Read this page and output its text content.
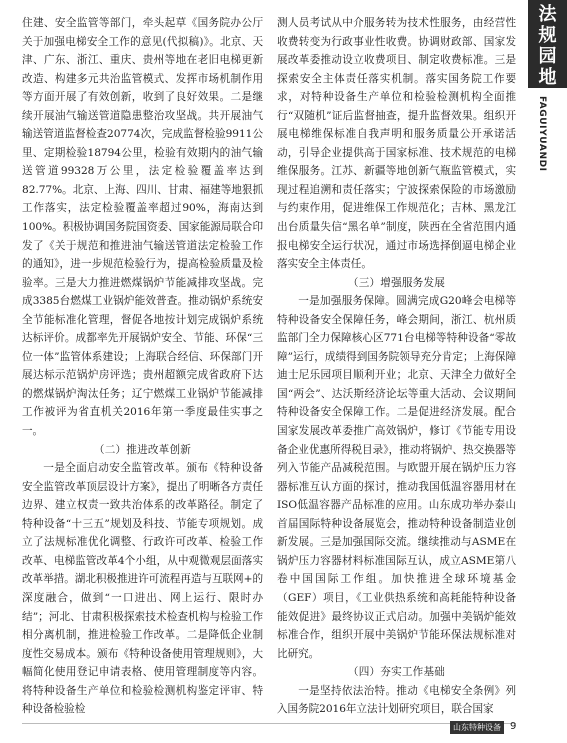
住建、安全监管等部门，牵头起草《国务院办公厅关于加强电梯安全工作的意见(代拟稿)》。北京、天津、广东、浙江、重庆、贵州等地在老旧电梯更新改造、构建多元共治监管模式、发挥市场机制作用等方面开展了有效创新，收到了良好效果。二是继续开展油气输送管道隐患整治攻坚战。共开展油气输送管道监督检查20774次，完成监督检验9911公里、定期检验18794公里，检验有效期内的油气输送管道99328万公里，法定检验覆盖率达到82.77%。北京、上海、四川、甘肃、福建等地狠抓工作落实，法定检验覆盖率超过90%，海南达到100%。积极协调国务院国资委、国家能源局联合印发了《关于规范和推进油气输送管道法定检验工作的通知》，进一步规范检验行为，提高检验质量及检验率。三是大力推进燃煤锅炉节能减排攻坚战。完成3385台燃煤工业锅炉能效普查。推动锅炉系统安全节能标准化管理，督促各地按计划完成锅炉系统达标评价。成都率先开展锅炉安全、节能、环保“三位一体”监管体系建设；上海联合经信、环保部门开展达标示范锅炉房评选；贵州超额完成省政府下达的燃煤锅炉淘汰任务；辽宁燃煤工业锅炉节能减排工作被评为省直机关2016年第一季度最佳实事之一。

（二）推进改革创新

一是全面启动安全监管改革。颁布《特种设备安全监管改革顶层设计方案》，提出了明晰各方责任边界、建立权责一致共治体系的改革路径。制定了特种设备“十三五”规划及科技、节能专项规划。成立了法规标准优化调整、行政许可改革、检验工作改革、电梯监管改革4个小组，从中观微观层面落实改革举措。湖北积极推进许可流程再造与互联网+的深度融合，做到“一口进出、网上运行、限时办结”；河北、甘肃积极探索技术检查机构与检验工作相分离机制，推进检验工作改革。二是降低企业制度性交易成本。颁布《特种设备使用管理规则》，大幅简化使用登记申请表格、使用管理制度等内容。将特种设备生产单位和检验检测机构鉴定评审、特种设备检验检

测人员考试从中介服务转为技术性服务，由经营性收费转变为行政事业性收费。协调财政部、国家发展改革委推动设立收费项目、制定收费标准。三是探索安全主体责任落实机制。落实国务院工作要求，对特种设备生产单位和检验检测机构全面推行“双随机”证后监督抽查，提升监督效果。组织开展电梯维保标准自我声明和服务质量公开承诺活动，引导企业提供高于国家标准、技术规范的电梯维保服务。江苏、新疆等地创新气瓶监管模式，实现过程追溯和责任落实；宁波探索保险的市场激励与约束作用，促进维保工作规范化；吉林、黑龙江出台质量失信“黑名单”制度，陕西在全省范围内通报电梯安全运行状况，通过市场选择倒逼电梯企业落实安全主体责任。

（三）增强服务发展

一是加强服务保障。圆满完成G20峰会电梯等特种设备安全保障任务，峰会期间，浙江、杭州质监部门全力保障核心区771台电梯等特种设备“零故障”运行，成绩得到国务院领导充分肯定；上海保障迪士尼乐园项目顺利开业；北京、天津全力做好全国“两会”、达沃斯经济论坛等重大活动、会议期间特种设备安全保障工作。二是促进经济发展。配合国家发展改革委推广高效锅炉，修订《节能专用设备企业优惠所得税目录》，推动将锅炉、热交换器等列入节能产品减税范围。与欧盟开展在锅炉压力容器标准互认方面的探讨，推动我国低温容器用材在ISO低温容器产品标准的应用。山东成功举办泰山首届国际特种设备展览会，推动特种设备制造业创新发展。三是加强国际交流。继续推动与ASME在锅炉压力容器材料标准国际互认，成立ASME第八卷中国国际工作组。加快推进全球环境基金（GEF）项目，《工业供热系统和高耗能特种设备能效促进》最终协议正式启动。加强中美锅炉能效标准合作，组织开展中美锅炉节能环保法规标准对比研究。

（四）夯实工作基础

一是坚持依法治特。推动《电梯安全条例》列入国务院2016年立法计划研究项目，联合国家

法
规
园
地
FAGUIYUANDI
山东特种设备 9
